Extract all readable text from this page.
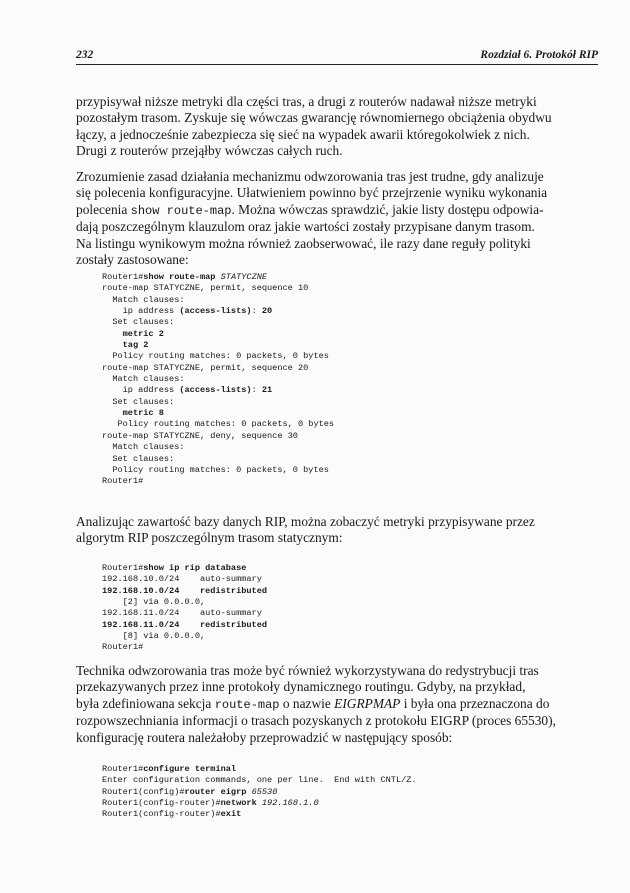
232	Rozdział 6. Protokół RIP
przypisywał niższe metryki dla części tras, a drugi z routerów nadawał niższe metryki
pozostałym trasom. Zyskuje się wówczas gwarancję równomiernego obciążenia obydwu
łączy, a jednocześnie zabezpiecza się sieć na wypadek awarii któregokolwiek z nich.
Drugi z routerów przejąłby wówczas całych ruch.
Zrozumienie zasad działania mechanizmu odwzorowania tras jest trudne, gdy analizuje
się polecenia konfiguracyjne. Ułatwieniem powinno być przejrzenie wyniku wykonania
polecenia show route-map. Można wówczas sprawdzić, jakie listy dostępu odpowia-
dają poszczególnym klauzulom oraz jakie wartości zostały przypisane danym trasom.
Na listingu wynikowym można również zaobserwować, ile razy dane reguły polityki
zostały zastosowane:
Router1#show route-map STATYCZNE
route-map STATYCZNE, permit, sequence 10
Match clauses:
ip address (access-lists): 20
Set clauses:
metric 2
tag 2
Policy routing matches: 0 packets, 0 bytes
route-map STATYCZNE, permit, sequence 20
Match clauses:
ip address (access-lists): 21
Set clauses:
metric 8
Policy routing matches: 0 packets, 0 bytes
route-map STATYCZNE, deny, sequence 30
Match clauses:
Set clauses:
Policy routing matches: 0 packets, 0 bytes
Router1#
Analizując zawartość bazy danych RIP, można zobaczyć metryki przypisywane przez
algorytm RIP poszczególnym trasom statycznym:
Router1#show ip rip database
192.168.10.0/24    auto-summary
192.168.10.0/24    redistributed
[2] via 0.0.0.0,
192.168.11.0/24    auto-summary
192.168.11.0/24    redistributed
[8] via 0.0.0.0,
Router1#
Technika odwzorowania tras może być również wykorzystywana do redystrybucji tras
przekazywanych przez inne protokoły dynamicznego routingu. Gdyby, na przykład,
była zdefiniowana sekcja route-map o nazwie EIGRPMAP i była ona przeznaczona do
rozpowszechniania informacji o trasach pozyskanych z protokołu EIGRP (proces 65530),
konfigurację routera należałoby przeprowadzić w następujący sposób:
Router1#configure terminal
Enter configuration commands, one per line.  End with CNTL/Z.
Router1(config)#router eigrp 65530
Router1(config-router)#network 192.168.1.0
Router1(config-router)#exit
